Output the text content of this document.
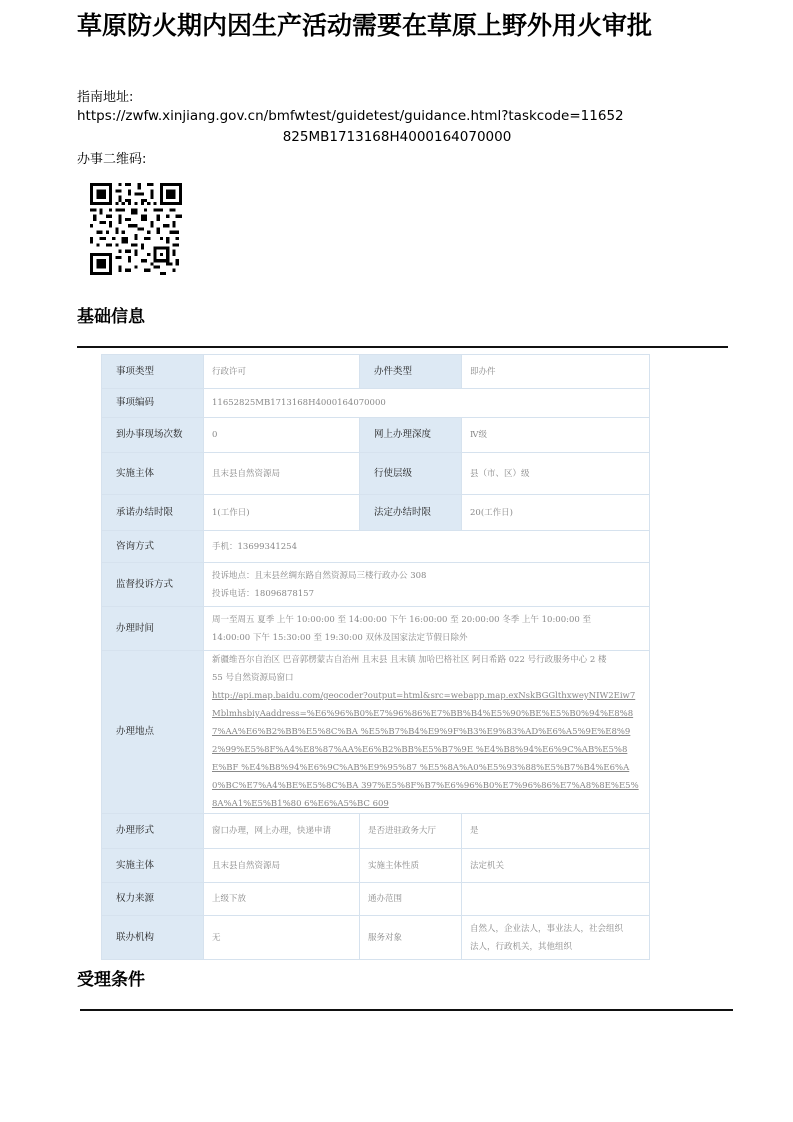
草原防火期内因生产活动需要在草原上野外用火审批
指南地址:
https://zwfw.xinjiang.gov.cn/bmfwtest/guidetest/guidance.html?taskcode=11652
825MB1713168H4000164070000
办事二维码:
基础信息
事项类型	行政许可	办件类型	即办件
事项编码	11652825MB1713168H4000164070000		
到办事现场次数	0	网上办理深度	Ⅳ级
实施主体	且末县自然资源局	行使层级	县（市、区）级
承诺办结时限	1(工作日)	法定办结时限	20(工作日)
咨询方式	手机：13699341254		
监督投诉方式	投诉地点：且末县丝绸东路自然资源局三楼行政办公 308
投诉电话：18096878157		

办理时间	周一至周五 夏季 上午 10:00:00 至 14:00:00 下午 16:00:00 至 20:00:00 冬季 上午 10:00:00 至
14:00:00 下午 15:30:00 至 19:30:00 双休及国家法定节假日除外		

办理地点	新疆维吾尔自治区 巴音郭楞蒙古自治州 且末县 且末镇 加哈巴格社区 阿日希路 022 号行政服务中心 2 楼
55 号自然资源局窗口
http://api.map.baidu.com/geocoder?output=html&src=webapp.map.exNskBGGlthxweyNIW2Eiw7MblmhsbiyAaddress=%E6%96%B0%E7%96%86%E7%BB%B4%E5%90%BE%E5%B0%94%E8%87%AA%E6%B2%BB%E5%8C%BA %E5%B7%B4%E9%9F%B3%E9%83%AD%E6%A5%9E%E8%92%99%E5%8F%A4%E8%87%AA%E6%B2%BB%E5%B7%9E %E4%B8%94%E6%9C%AB%E5%8E%BF %E4%B8%94%E6%9C%AB%E9%95%87 %E5%8A%A0%E5%93%88%E5%B7%B4%E6%A0%BC%E7%A4%BE%E5%8C%BA 397%E5%8F%B7%E6%96%B0%E7%96%86%E7%A8%8E%E5%8A%A1%E5%B1%80 6%E6%A5%BC 609		
办理形式	窗口办理，网上办理，快递申请	是否进驻政务大厅	是
实施主体	且末县自然资源局	实施主体性质	法定机关
权力来源	上级下放	通办范围	
联办机构	无	服务对象	自然人，企业法人，事业法人，社会组织
法人，行政机关，其他组织
受理条件
